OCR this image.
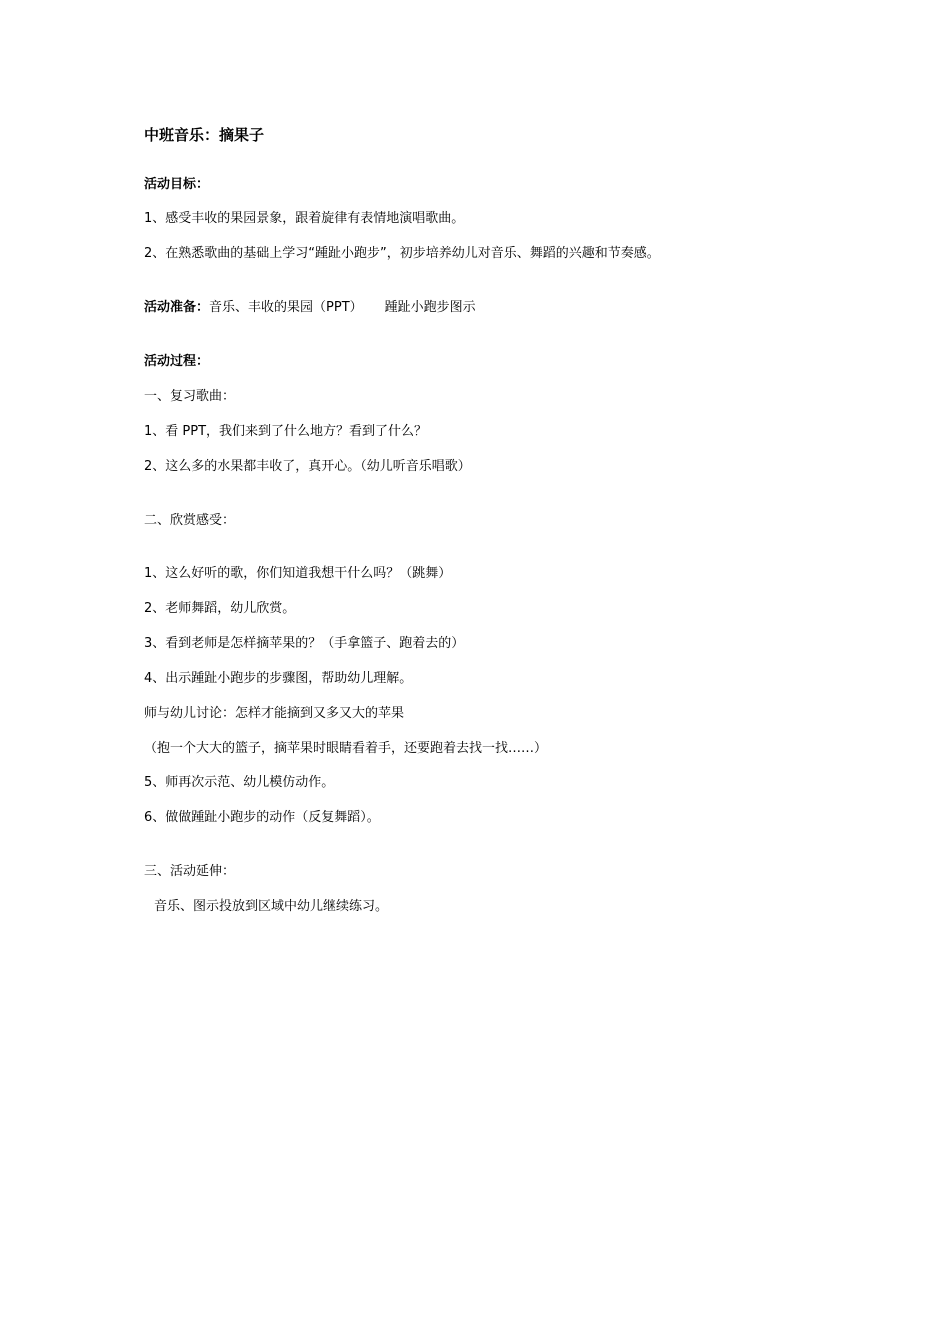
中班音乐：摘果子
活动目标：
1、感受丰收的果园景象，跟着旋律有表情地演唱歌曲。
2、在熟悉歌曲的基础上学习“踵趾小跑步”，初步培养幼儿对音乐、舞蹈的兴趣和节奏感。
活动准备：音乐、丰收的果园（PPT） 踵趾小跑步图示
活动过程：
一、复习歌曲：
1、看 PPT，我们来到了什么地方？看到了什么？
2、这么多的水果都丰收了，真开心。（幼儿听音乐唱歌）
二、欣赏感受：
1、这么好听的歌，你们知道我想干什么吗？（跳舞）
2、老师舞蹈，幼儿欣赏。
3、看到老师是怎样摘苹果的？（手拿篮子、跑着去的）
4、出示踵趾小跑步的步骤图，帮助幼儿理解。
师与幼儿讨论：怎样才能摘到又多又大的苹果
（抱一个大大的篮子，摘苹果时眼睛看着手，还要跑着去找一找……）
5、师再次示范、幼儿模仿动作。
6、做做踵趾小跑步的动作（反复舞蹈）。
三、活动延伸：
音乐、图示投放到区域中幼儿继续练习。
